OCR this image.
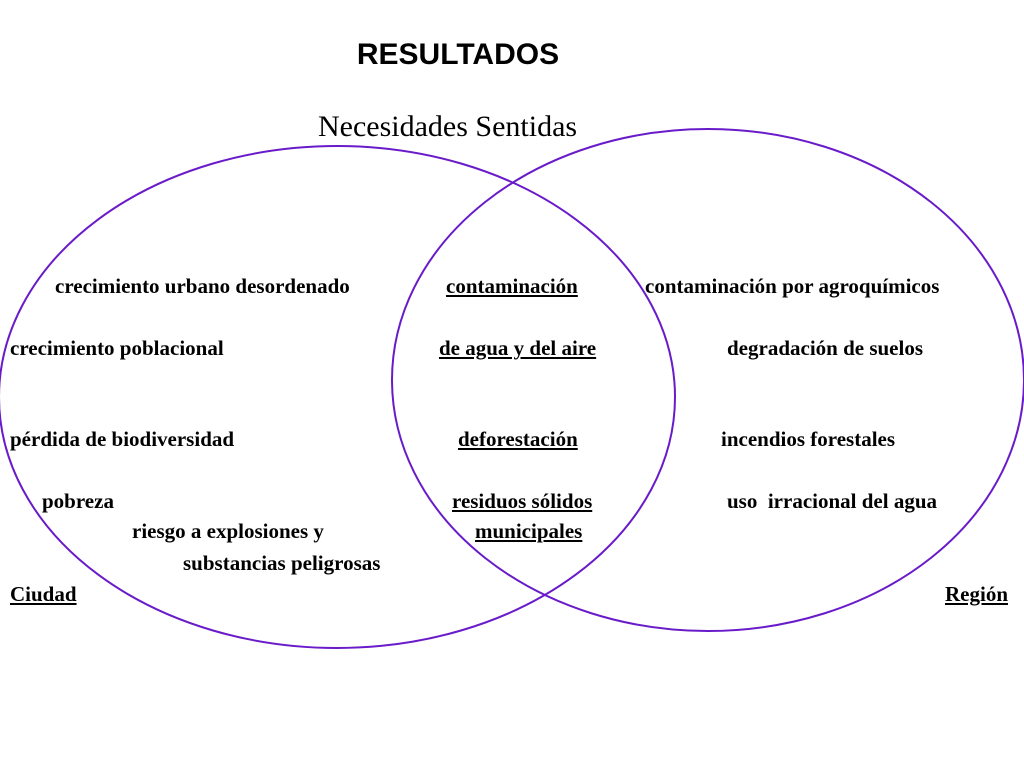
RESULTADOS
Necesidades Sentidas
crecimiento urbano desordenado
crecimiento poblacional
pérdida de biodiversidad
pobreza
riesgo a explosiones y
substancias peligrosas
Ciudad
contaminación
de agua y del aire
deforestación
residuos sólidos
municipales
contaminación por agroquímicos
degradación de suelos
incendios forestales
uso  irracional del agua
Región
